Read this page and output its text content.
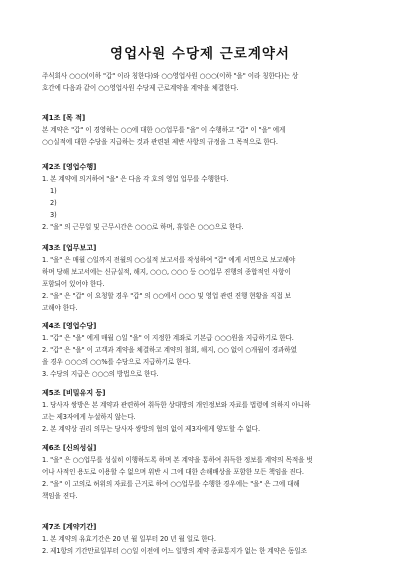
영업사원 수당제 근로계약서
주식회사 ○○○(이하 "갑" 이라 칭한다)와 ○○영업사원 ○○○(이하 "을" 이라 칭한다)는 상
호간에 다음과 같이 ○○영업사원 수당제 근로계약을 계약을 체결한다.
제1조 [목 적]
본 계약은 "갑" 이 경영하는 ○○에 대한 ○○업무를 "을" 이 수행하고 "갑" 이 "을" 에게
○○실적에 대한 수당을 지급하는 것과 관련된 제반 사항의 규정을 그 목적으로 한다.
제2조 [영업수행]
1. 본 계약에 의거하여 "을" 은 다음 각 호의 영업 업무를 수행한다.
1)
2)
3)
2. "을" 의 근무일 및 근무시간은 ○○○로 하며, 휴일은 ○○○으로 한다.
제3조 [업무보고]
1. "을" 은 매월 ○일까지 전월의 ○○실적 보고서를 작성하여 "갑" 에게 서면으로 보고해야
하며 당해 보고서에는 신규실적, 해지, ○○○, ○○○ 등 ○○업무 진행의 종합적인 사항이
포함되어 있어야 한다.
2. "을" 은 "갑" 이 요청할 경우 "갑" 의 ○○에서 ○○○ 및 영업 관련 진행 현황을 직접 보
고해야 한다.
제4조 [영업수당]
1. "갑" 은 "을" 에게 매월 ○일 "을" 이 지정한 계좌로 기본급 ○○○원을 지급하기로 한다.
2. "갑" 은 "을" 이 고객과 계약을 체결하고 계약의 철회, 해지, ○○ 없이 ○개월이 경과하였
을 경우 ○○○의 ○○%를 수당으로 지급하기로 한다.
3. 수당의 지급은 ○○○의 방법으로 한다.
제5조 [비밀유지 등]
1. 당사자 쌍방은 본 계약과 관련하여 취득한 상대방의 개인정보와 자료를 법령에 의하지 아니하
고는 제3자에게 누설하지 않는다.
2. 본 계약상 권리 의무는 당사자 쌍방의 협의 없이 제3자에게 양도할 수 없다.
제6조 [신의성실]
1. "을" 은 ○○업무를 성실히 이행하도록 하며 본 계약을 통하여 취득한 정보를 계약의 목적을 벗
어나 사적인 용도로 이용할 수 없으며 위반 시 그에 대한 손해배상을 포함한 모든 책임을 진다.
2. "을" 이 고의로 허위의 자료를 근거로 하여 ○○업무를 수행한 경우에는 "을" 은 그에 대해
책임을 진다.
제7조 [계약기간]
1. 본 계약의 유효기간은 20 년 월 일부터 20 년 월 일로 한다.
2. 제1항의 기간만료일부터 ○○일 이전에 어느 일방의 계약 종료통지가 없는 한 계약은 동일조
